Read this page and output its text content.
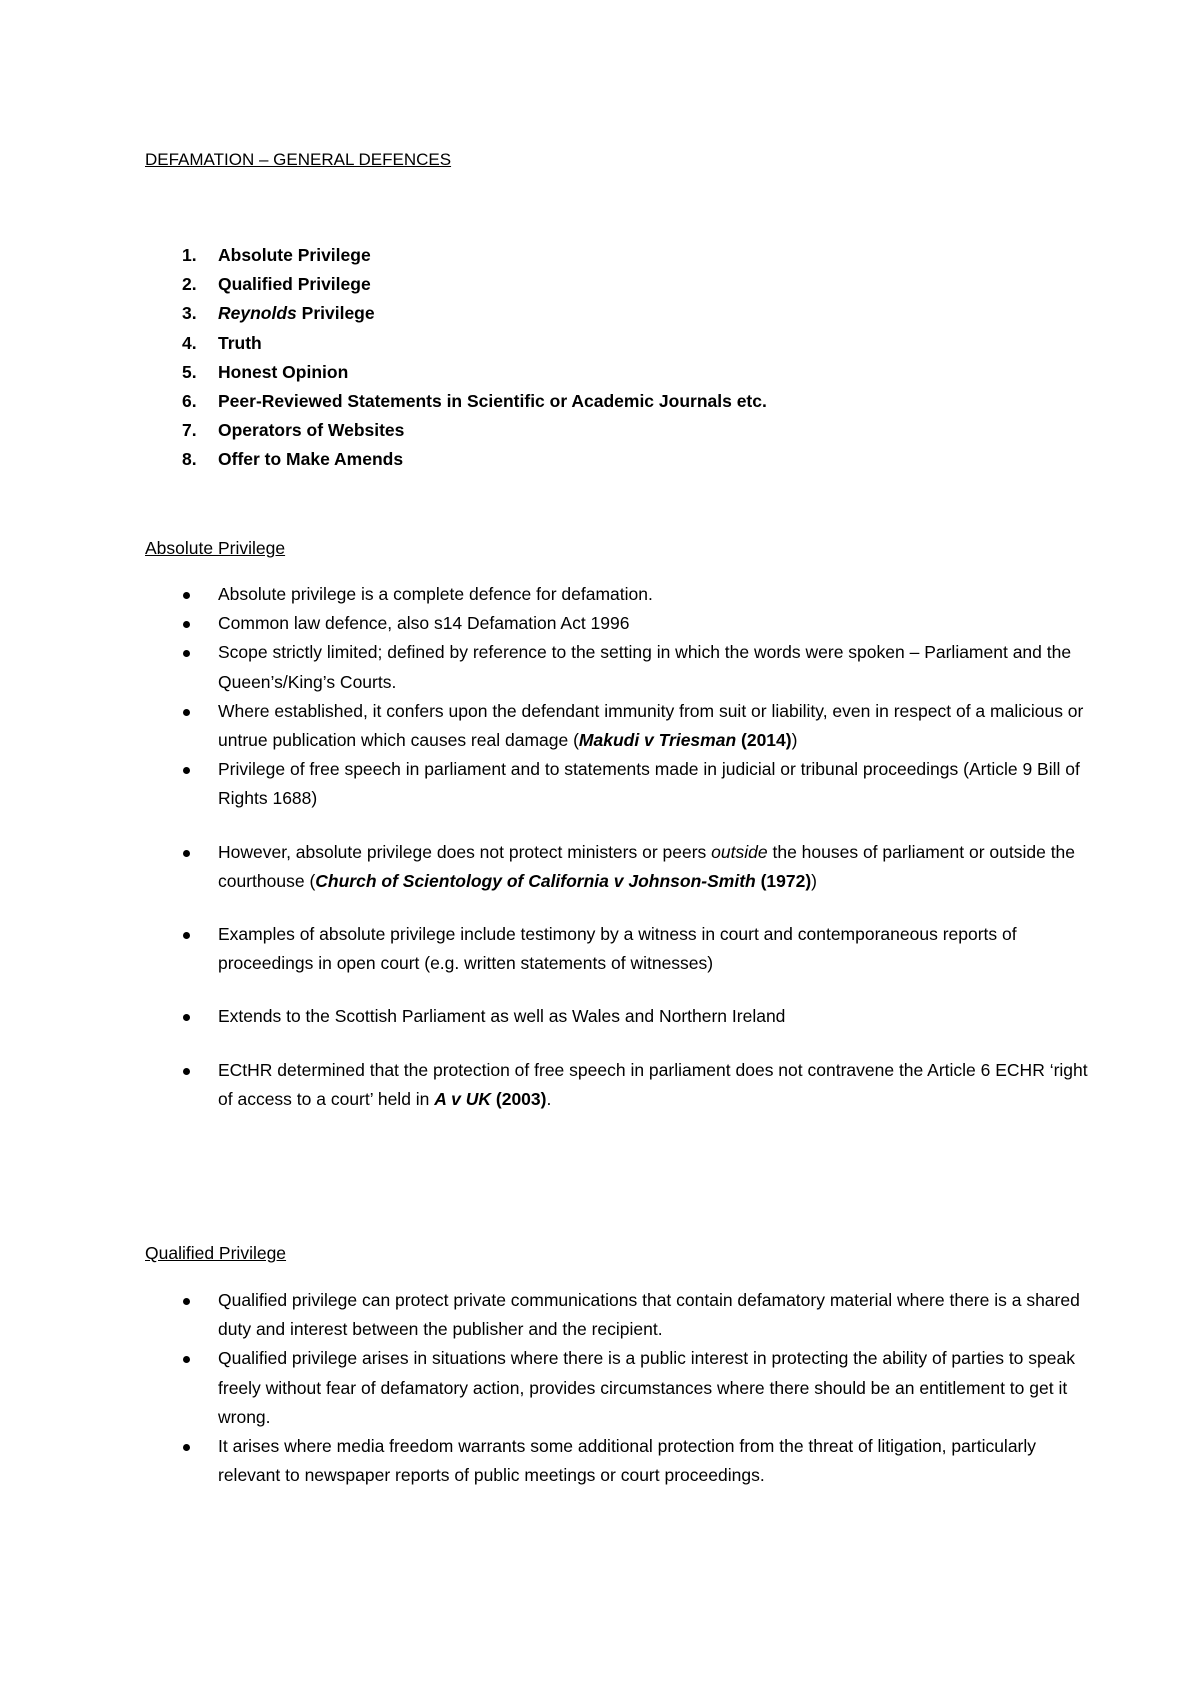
DEFAMATION – GENERAL DEFENCES
1. Absolute Privilege
2. Qualified Privilege
3. Reynolds Privilege
4. Truth
5. Honest Opinion
6. Peer-Reviewed Statements in Scientific or Academic Journals etc.
7. Operators of Websites
8. Offer to Make Amends
Absolute Privilege
Absolute privilege is a complete defence for defamation.
Common law defence, also s14 Defamation Act 1996
Scope strictly limited; defined by reference to the setting in which the words were spoken – Parliament and the Queen’s/King’s Courts.
Where established, it confers upon the defendant immunity from suit or liability, even in respect of a malicious or untrue publication which causes real damage (Makudi v Triesman (2014))
Privilege of free speech in parliament and to statements made in judicial or tribunal proceedings (Article 9 Bill of Rights 1688)
However, absolute privilege does not protect ministers or peers outside the houses of parliament or outside the courthouse (Church of Scientology of California v Johnson-Smith (1972))
Examples of absolute privilege include testimony by a witness in court and contemporaneous reports of proceedings in open court (e.g. written statements of witnesses)
Extends to the Scottish Parliament as well as Wales and Northern Ireland
ECtHR determined that the protection of free speech in parliament does not contravene the Article 6 ECHR ‘right of access to a court’ held in A v UK (2003).
Qualified Privilege
Qualified privilege can protect private communications that contain defamatory material where there is a shared duty and interest between the publisher and the recipient.
Qualified privilege arises in situations where there is a public interest in protecting the ability of parties to speak freely without fear of defamatory action, provides circumstances where there should be an entitlement to get it wrong.
It arises where media freedom warrants some additional protection from the threat of litigation, particularly relevant to newspaper reports of public meetings or court proceedings.
